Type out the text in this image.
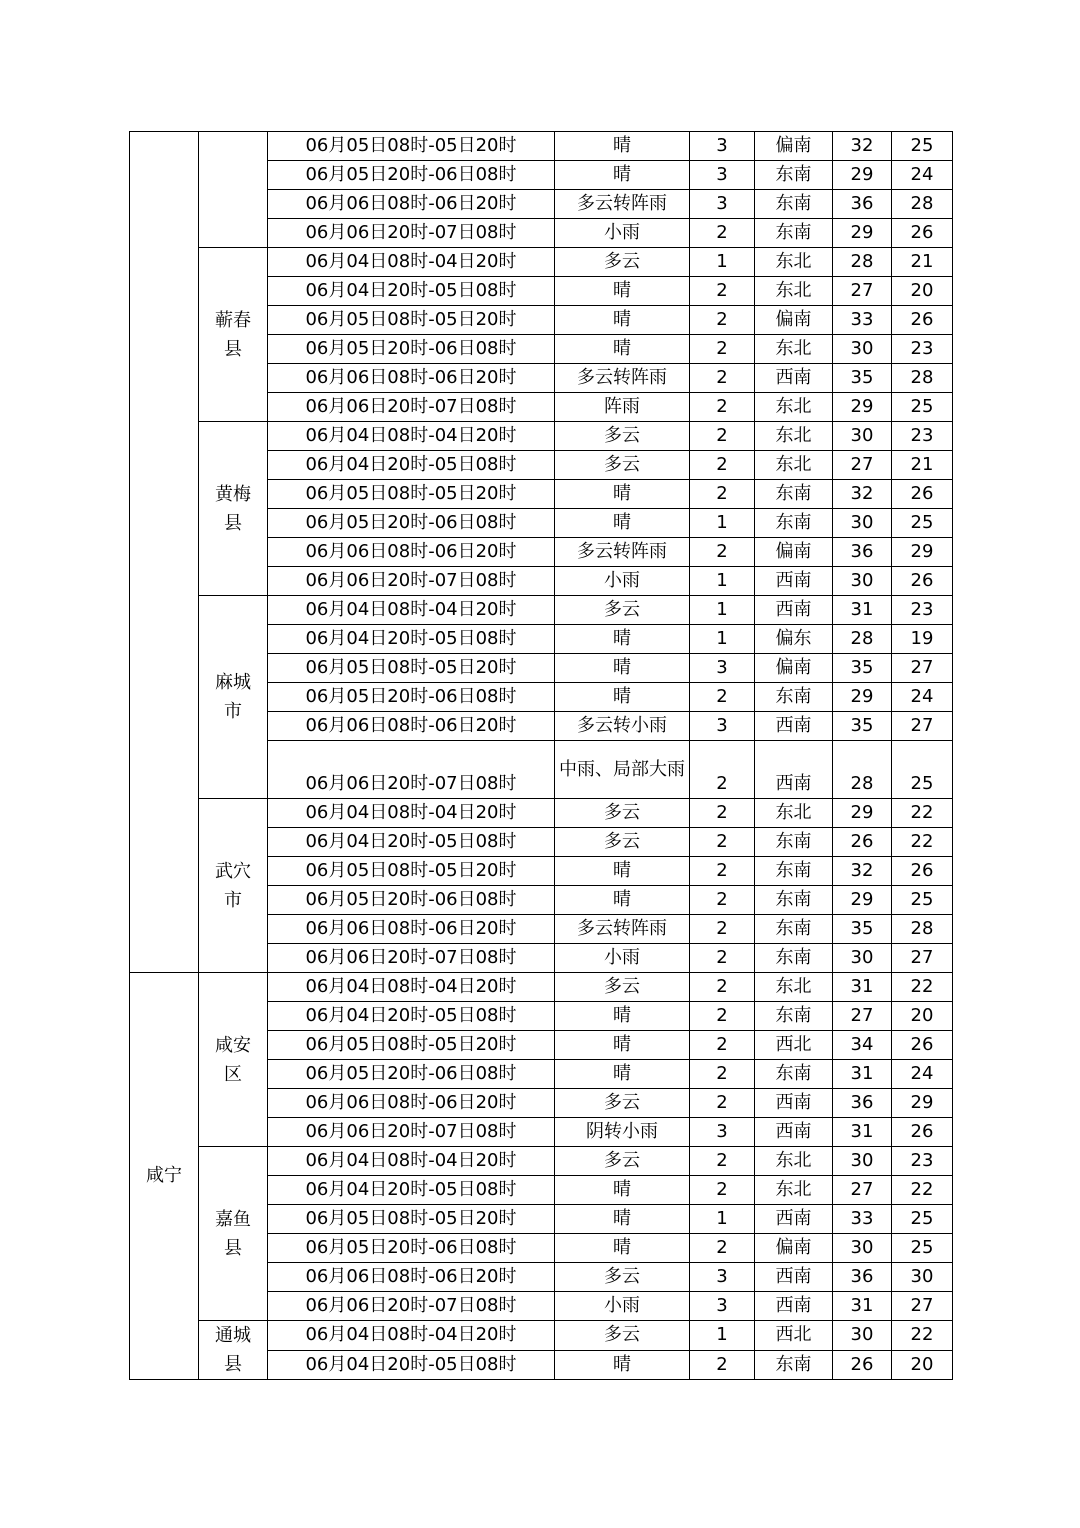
		06月05日08时-05日20时	晴	3	偏南	32	25
		06月05日20时-06日08时	晴	3	东南	29	24
		06月06日08时-06日20时	多云转阵雨	3	东南	36	28
		06月06日20时-07日08时	小雨	2	东南	29	26
	蕲春县	06月04日08时-04日20时	多云	1	东北	28	21
		06月04日20时-05日08时	晴	2	东北	27	20
		06月05日08时-05日20时	晴	2	偏南	33	26
		06月05日20时-06日08时	晴	2	东北	30	23
		06月06日08时-06日20时	多云转阵雨	2	西南	35	28
		06月06日20时-07日08时	阵雨	2	东北	29	25
	黄梅县	06月04日08时-04日20时	多云	2	东北	30	23
		06月04日20时-05日08时	多云	2	东北	27	21
		06月05日08时-05日20时	晴	2	东南	32	26
		06月05日20时-06日08时	晴	1	东南	30	25
		06月06日08时-06日20时	多云转阵雨	2	偏南	36	29
		06月06日20时-07日08时	小雨	1	西南	30	26
	麻城市	06月04日08时-04日20时	多云	1	西南	31	23
		06月04日20时-05日08时	晴	1	偏东	28	19
		06月05日08时-05日20时	晴	3	偏南	35	27
		06月05日20时-06日08时	晴	2	东南	29	24
		06月06日08时-06日20时	多云转小雨	3	西南	35	27
		06月06日20时-07日08时	中雨、局部大雨	2	西南	28	25
	武穴市	06月04日08时-04日20时	多云	2	东北	29	22
		06月04日20时-05日08时	多云	2	东南	26	22
		06月05日08时-05日20时	晴	2	东南	32	26
		06月05日20时-06日08时	晴	2	东南	29	25
		06月06日08时-06日20时	多云转阵雨	2	东南	35	28
		06月06日20时-07日08时	小雨	2	东南	30	27
咸宁	咸安区	06月04日08时-04日20时	多云	2	东北	31	22
		06月04日20时-05日08时	晴	2	东南	27	20
		06月05日08时-05日20时	晴	2	西北	34	26
		06月05日20时-06日08时	晴	2	东南	31	24
		06月06日08时-06日20时	多云	2	西南	36	29
		06月06日20时-07日08时	阴转小雨	3	西南	31	26
	嘉鱼县	06月04日08时-04日20时	多云	2	东北	30	23
		06月04日20时-05日08时	晴	2	东北	27	22
		06月05日08时-05日20时	晴	1	西南	33	25
		06月05日20时-06日08时	晴	2	偏南	30	25
		06月06日08时-06日20时	多云	3	西南	36	30
		06月06日20时-07日08时	小雨	3	西南	31	27
	通城县	06月04日08时-04日20时	多云	1	西北	30	22
		06月04日20时-05日08时	晴	2	东南	26	20
